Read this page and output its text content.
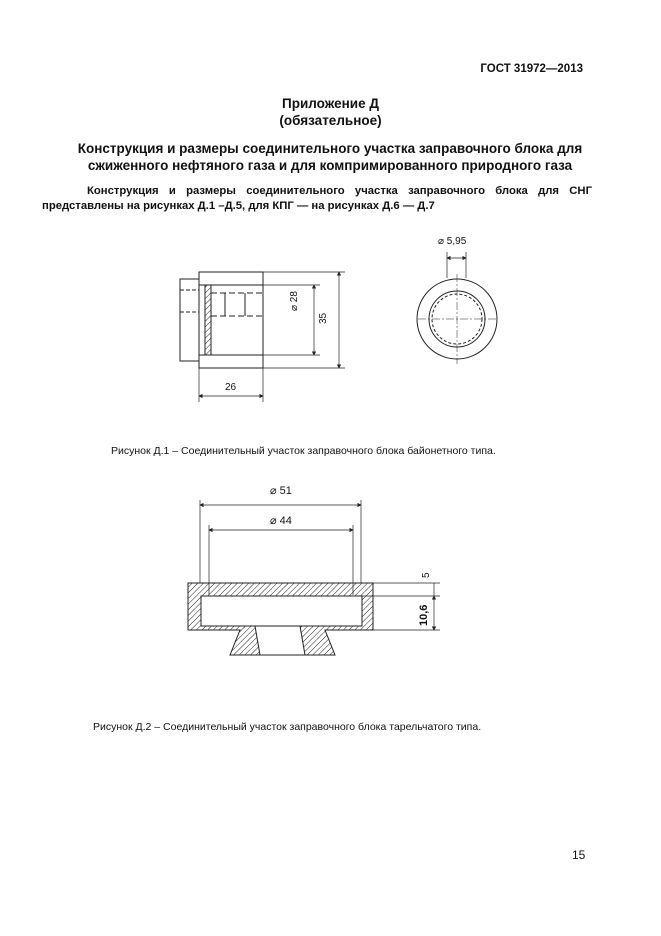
ГОСТ 31972—2013
Приложение Д
(обязательное)
Конструкция и размеры соединительного участка заправочного блока для
сжиженного нефтяного газа и для компримированного природного газа
Конструкция и размеры соединительного участка заправочного блока для СНГ
представлены на рисунках Д.1 –Д.5, для КПГ — на рисунках Д.6 — Д.7
⌀ 28
35
26
⌀ 5,95
⌀ 51
⌀ 44
5
10,6
Рисунок Д.1 – Соединительный участок заправочного блока байонетного типа.
Рисунок Д.2 – Соединительный участок заправочного блока тарельчатого типа.
15
